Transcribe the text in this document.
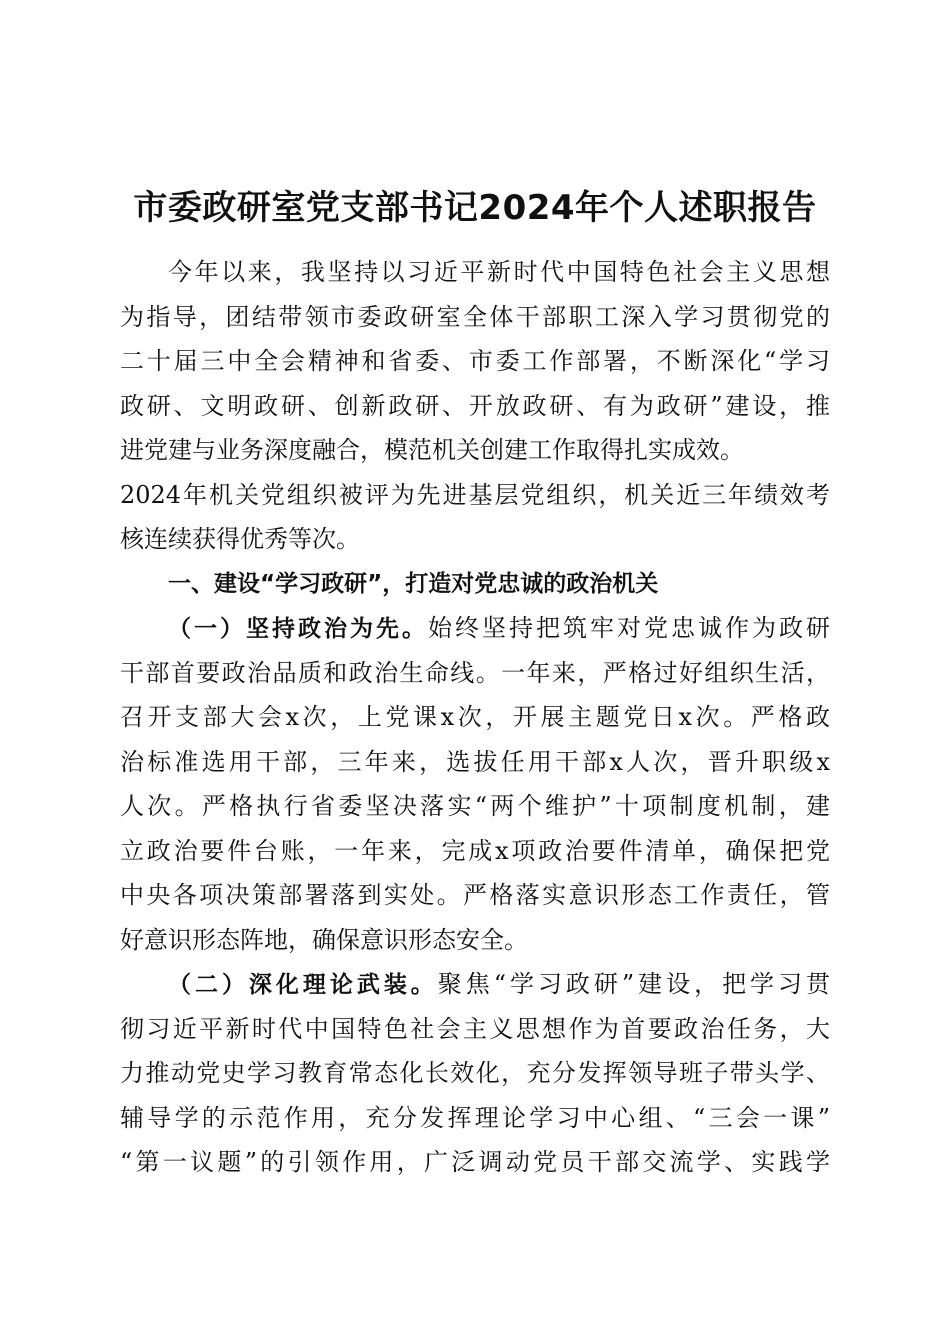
市委政研室党支部书记2024年个人述职报告
今年以来，我坚持以习近平新时代中国特色社会主义思想
为指导，团结带领市委政研室全体干部职工深入学习贯彻党的
二十届三中全会精神和省委、市委工作部署，不断深化“学习
政研、文明政研、创新政研、开放政研、有为政研”建设，推
进党建与业务深度融合，模范机关创建工作取得扎实成效。
2024年机关党组织被评为先进基层党组织，机关近三年绩效考
核连续获得优秀等次。
一、建设“学习政研”，打造对党忠诚的政治机关
（一）坚持政治为先。始终坚持把筑牢对党忠诚作为政研
干部首要政治品质和政治生命线。一年来，严格过好组织生活，
召开支部大会x次，上党课x次，开展主题党日x次。严格政
治标准选用干部，三年来，选拔任用干部x人次，晋升职级x
人次。严格执行省委坚决落实“两个维护”十项制度机制，建
立政治要件台账，一年来，完成x项政治要件清单，确保把党
中央各项决策部署落到实处。严格落实意识形态工作责任，管
好意识形态阵地，确保意识形态安全。
（二）深化理论武装。聚焦“学习政研”建设，把学习贯
彻习近平新时代中国特色社会主义思想作为首要政治任务，大
力推动党史学习教育常态化长效化，充分发挥领导班子带头学、
辅导学的示范作用，充分发挥理论学习中心组、“三会一课”
“第一议题”的引领作用，广泛调动党员干部交流学、实践学
